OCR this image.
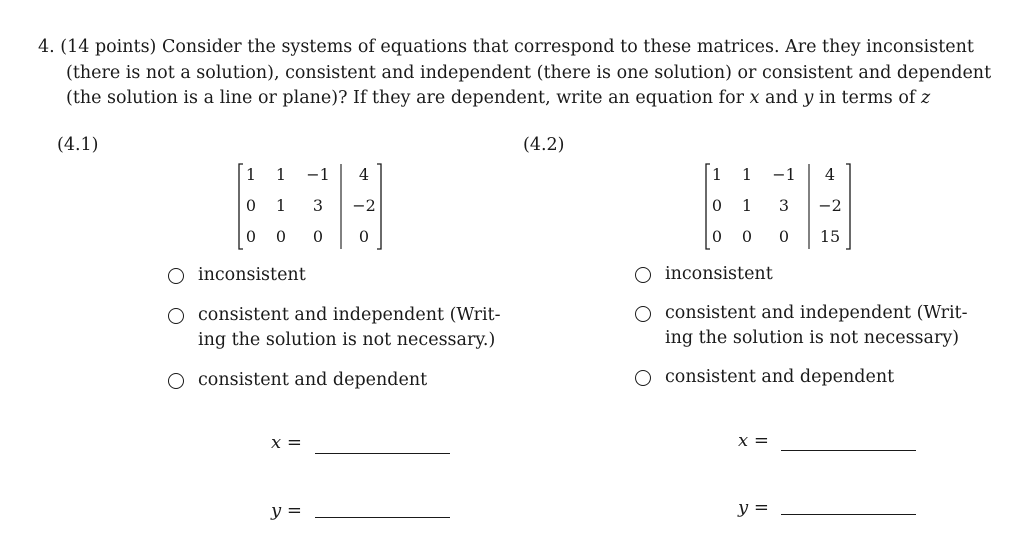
4. (14 points) Consider the systems of equations that correspond to these matrices. Are they inconsistent
(there is not a solution), consistent and independent (there is one solution) or consistent and dependent
(the solution is a line or plane)? If they are dependent, write an equation for x and y in terms of z
(4.1)
1	1	−1	4
0	1	3	−2
0	0	0	0
inconsistent
consistent and independent (Writ-
ing the solution is not necessary.)
consistent and dependent
x =
y =
(4.2)
1	1	−1	4
0	1	3	−2
0	0	0	15
inconsistent
consistent and independent (Writ-
ing the solution is not necessary)
consistent and dependent
x =
y =
